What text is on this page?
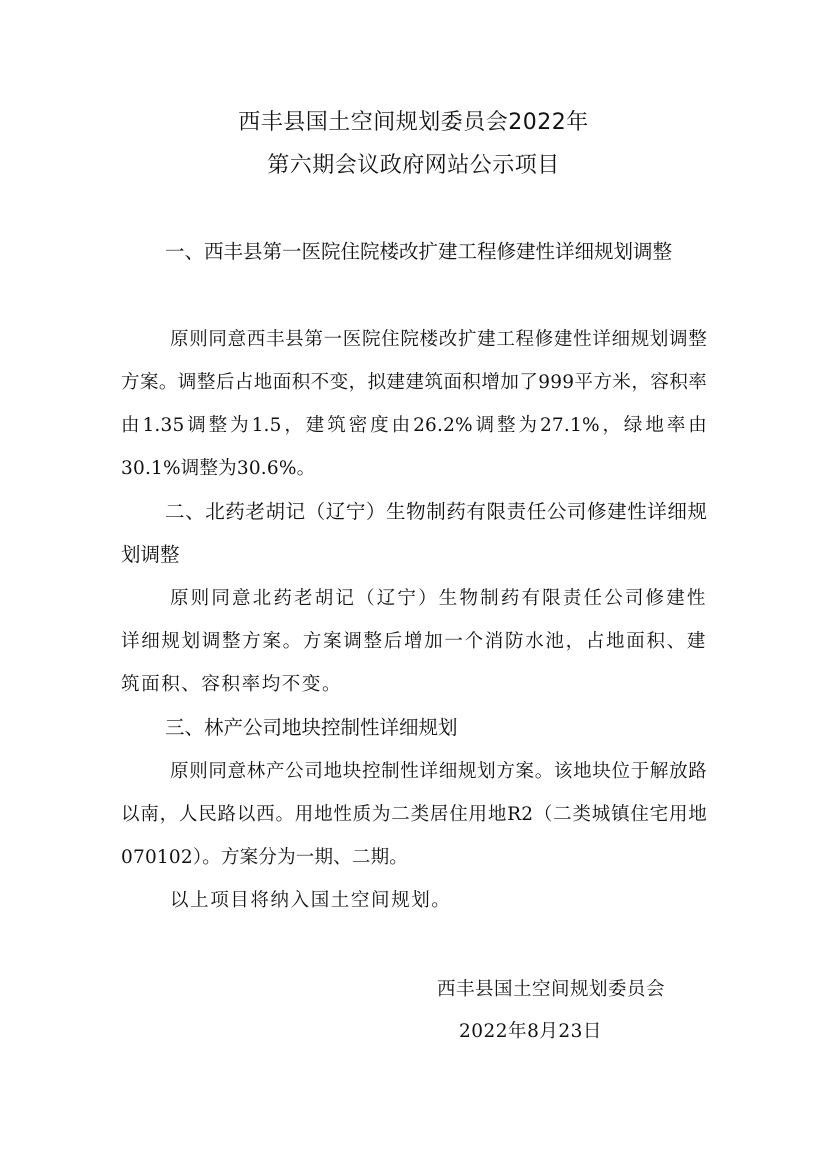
西丰县国土空间规划委员会2022年
第六期会议政府网站公示项目
一、西丰县第一医院住院楼改扩建工程修建性详细规划调整
原则同意西丰县第一医院住院楼改扩建工程修建性详细规划调整方案。调整后占地面积不变，拟建建筑面积增加了999平方米，容积率由1.35调整为1.5，建筑密度由26.2%调整为27.1%，绿地率由30.1%调整为30.6%。
二、北药老胡记（辽宁）生物制药有限责任公司修建性详细规划调整
原则同意北药老胡记（辽宁）生物制药有限责任公司修建性详细规划调整方案。方案调整后增加一个消防水池，占地面积、建筑面积、容积率均不变。
三、林产公司地块控制性详细规划
原则同意林产公司地块控制性详细规划方案。该地块位于解放路以南，人民路以西。用地性质为二类居住用地R2（二类城镇住宅用地070102）。方案分为一期、二期。
以上项目将纳入国土空间规划。
西丰县国土空间规划委员会
2022年8月23日
